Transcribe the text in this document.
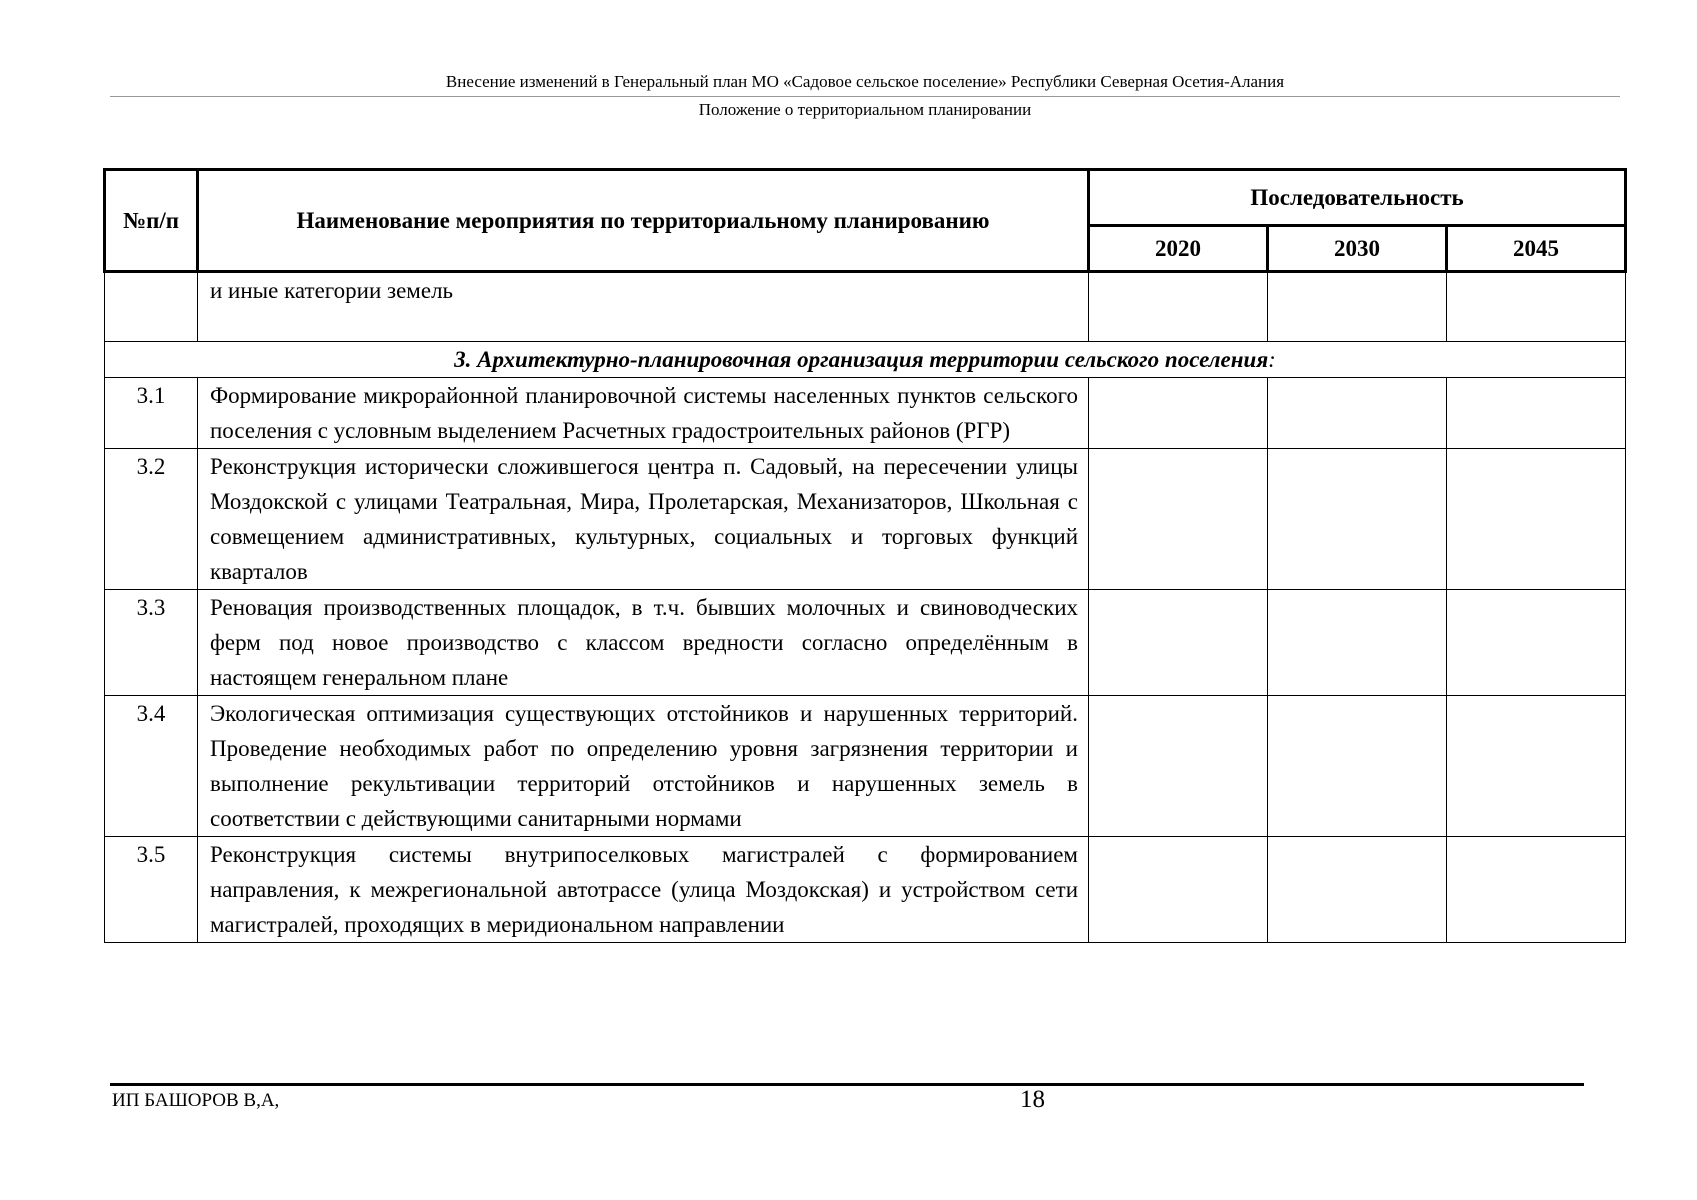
Внесение изменений в Генеральный план МО «Садовое сельское поселение» Республики Северная Осетия-Алания
Положение о территориальном планировании
№п/п	Наименование мероприятия по территориальному планированию	Последовательность		
		2020	2030	2045
	и иные категории земель			
3. Архитектурно-планировочная организация территории сельского поселения:				
3.1	Формирование микрорайонной планировочной системы населенных пунктов сельского поселения с условным выделением Расчетных градостроительных районов (РГР)			
3.2	Реконструкция исторически сложившегося центра п. Садовый, на пересечении улицы Моздокской с улицами Театральная, Мира, Пролетарская, Механизаторов, Школьная с совмещением административных, культурных, социальных и торговых функций кварталов			
3.3	Реновация производственных площадок, в т.ч. бывших молочных и свиноводческих ферм под новое производство с классом вредности согласно определённым в настоящем генеральном плане			
3.4	Экологическая оптимизация существующих отстойников и нарушенных территорий. Проведение необходимых работ по определению уровня загрязнения территории и выполнение рекультивации территорий отстойников и нарушенных земель в соответствии с действующими санитарными нормами			
3.5	Реконструкция системы внутрипоселковых магистралей с формированием направления, к межрегиональной автотрассе (улица Моздокская) и устройством сети магистралей, проходящих в меридиональном направлении			
ИП БАШОРОВ В,А,	18
